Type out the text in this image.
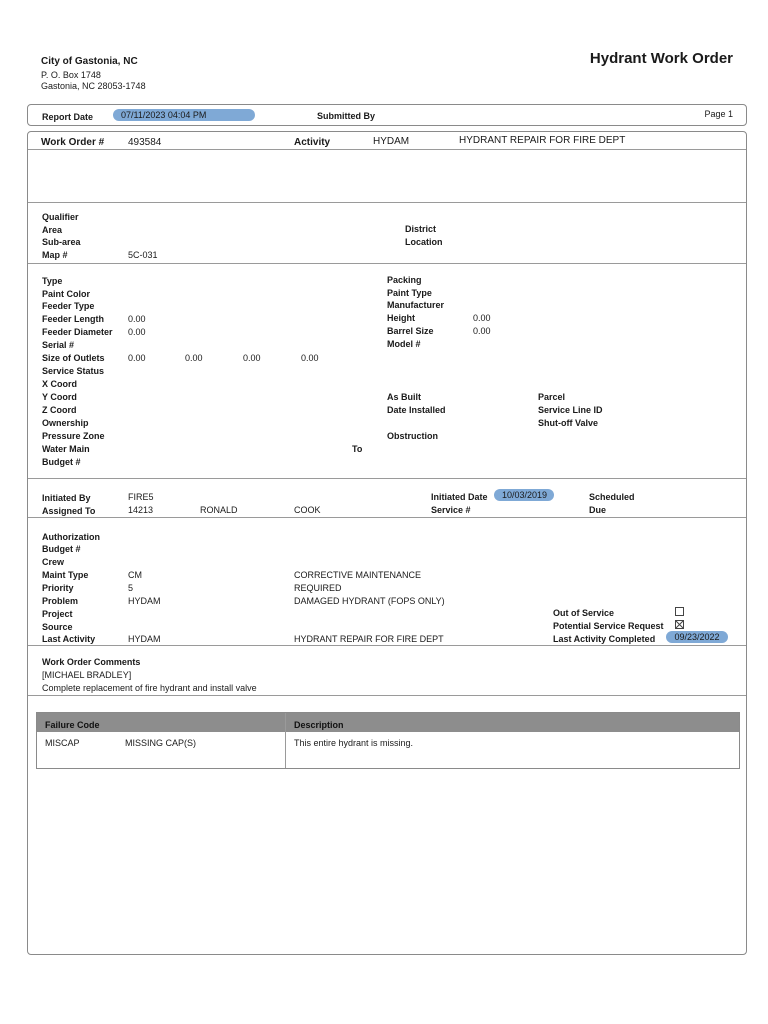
City of Gastonia, NC
P. O. Box 1748
Gastonia, NC 28053-1748
Hydrant Work Order
Report Date	07/11/2023 04:04 PM	Submitted By	Page 1
Work Order # 493584	Activity	HYDAM	HYDRANT REPAIR FOR FIRE DEPT
Qualifier
Area
Sub-area
Map #	5C-031
District
Location
Type
Paint Color
Feeder Type
Feeder Length	0.00
Feeder Diameter 0.00
Serial #
Size of Outlets	0.00	0.00	0.00	0.00
Service Status
X Coord
Y Coord
Z Coord
Ownership
Pressure Zone
Water Main	To
Budget #
Packing
Paint Type
Manufacturer
Height	0.00
Barrel Size	0.00
Model #
As Built
Date Installed
Obstruction
Parcel
Service Line ID
Shut-off Valve
Initiated By	FIRE5
Assigned To	14213	RONALD	COOK
Initiated Date	10/03/2019
Service #
Scheduled
Due
Authorization
Budget #
Crew
Maint Type	CM	CORRECTIVE MAINTENANCE
Priority	5	REQUIRED
Problem	HYDAM	DAMAGED HYDRANT (FOPS ONLY)
Project
Source
Last Activity	HYDAM	HYDRANT REPAIR FOR FIRE DEPT
Out of Service
Potential Service Request
Last Activity Completed	09/23/2022
Work Order Comments
[MICHAEL BRADLEY]
Complete replacement of fire hydrant and install valve
Failure Code	Description
MISCAP	MISSING CAP(S)	This entire hydrant is missing.
